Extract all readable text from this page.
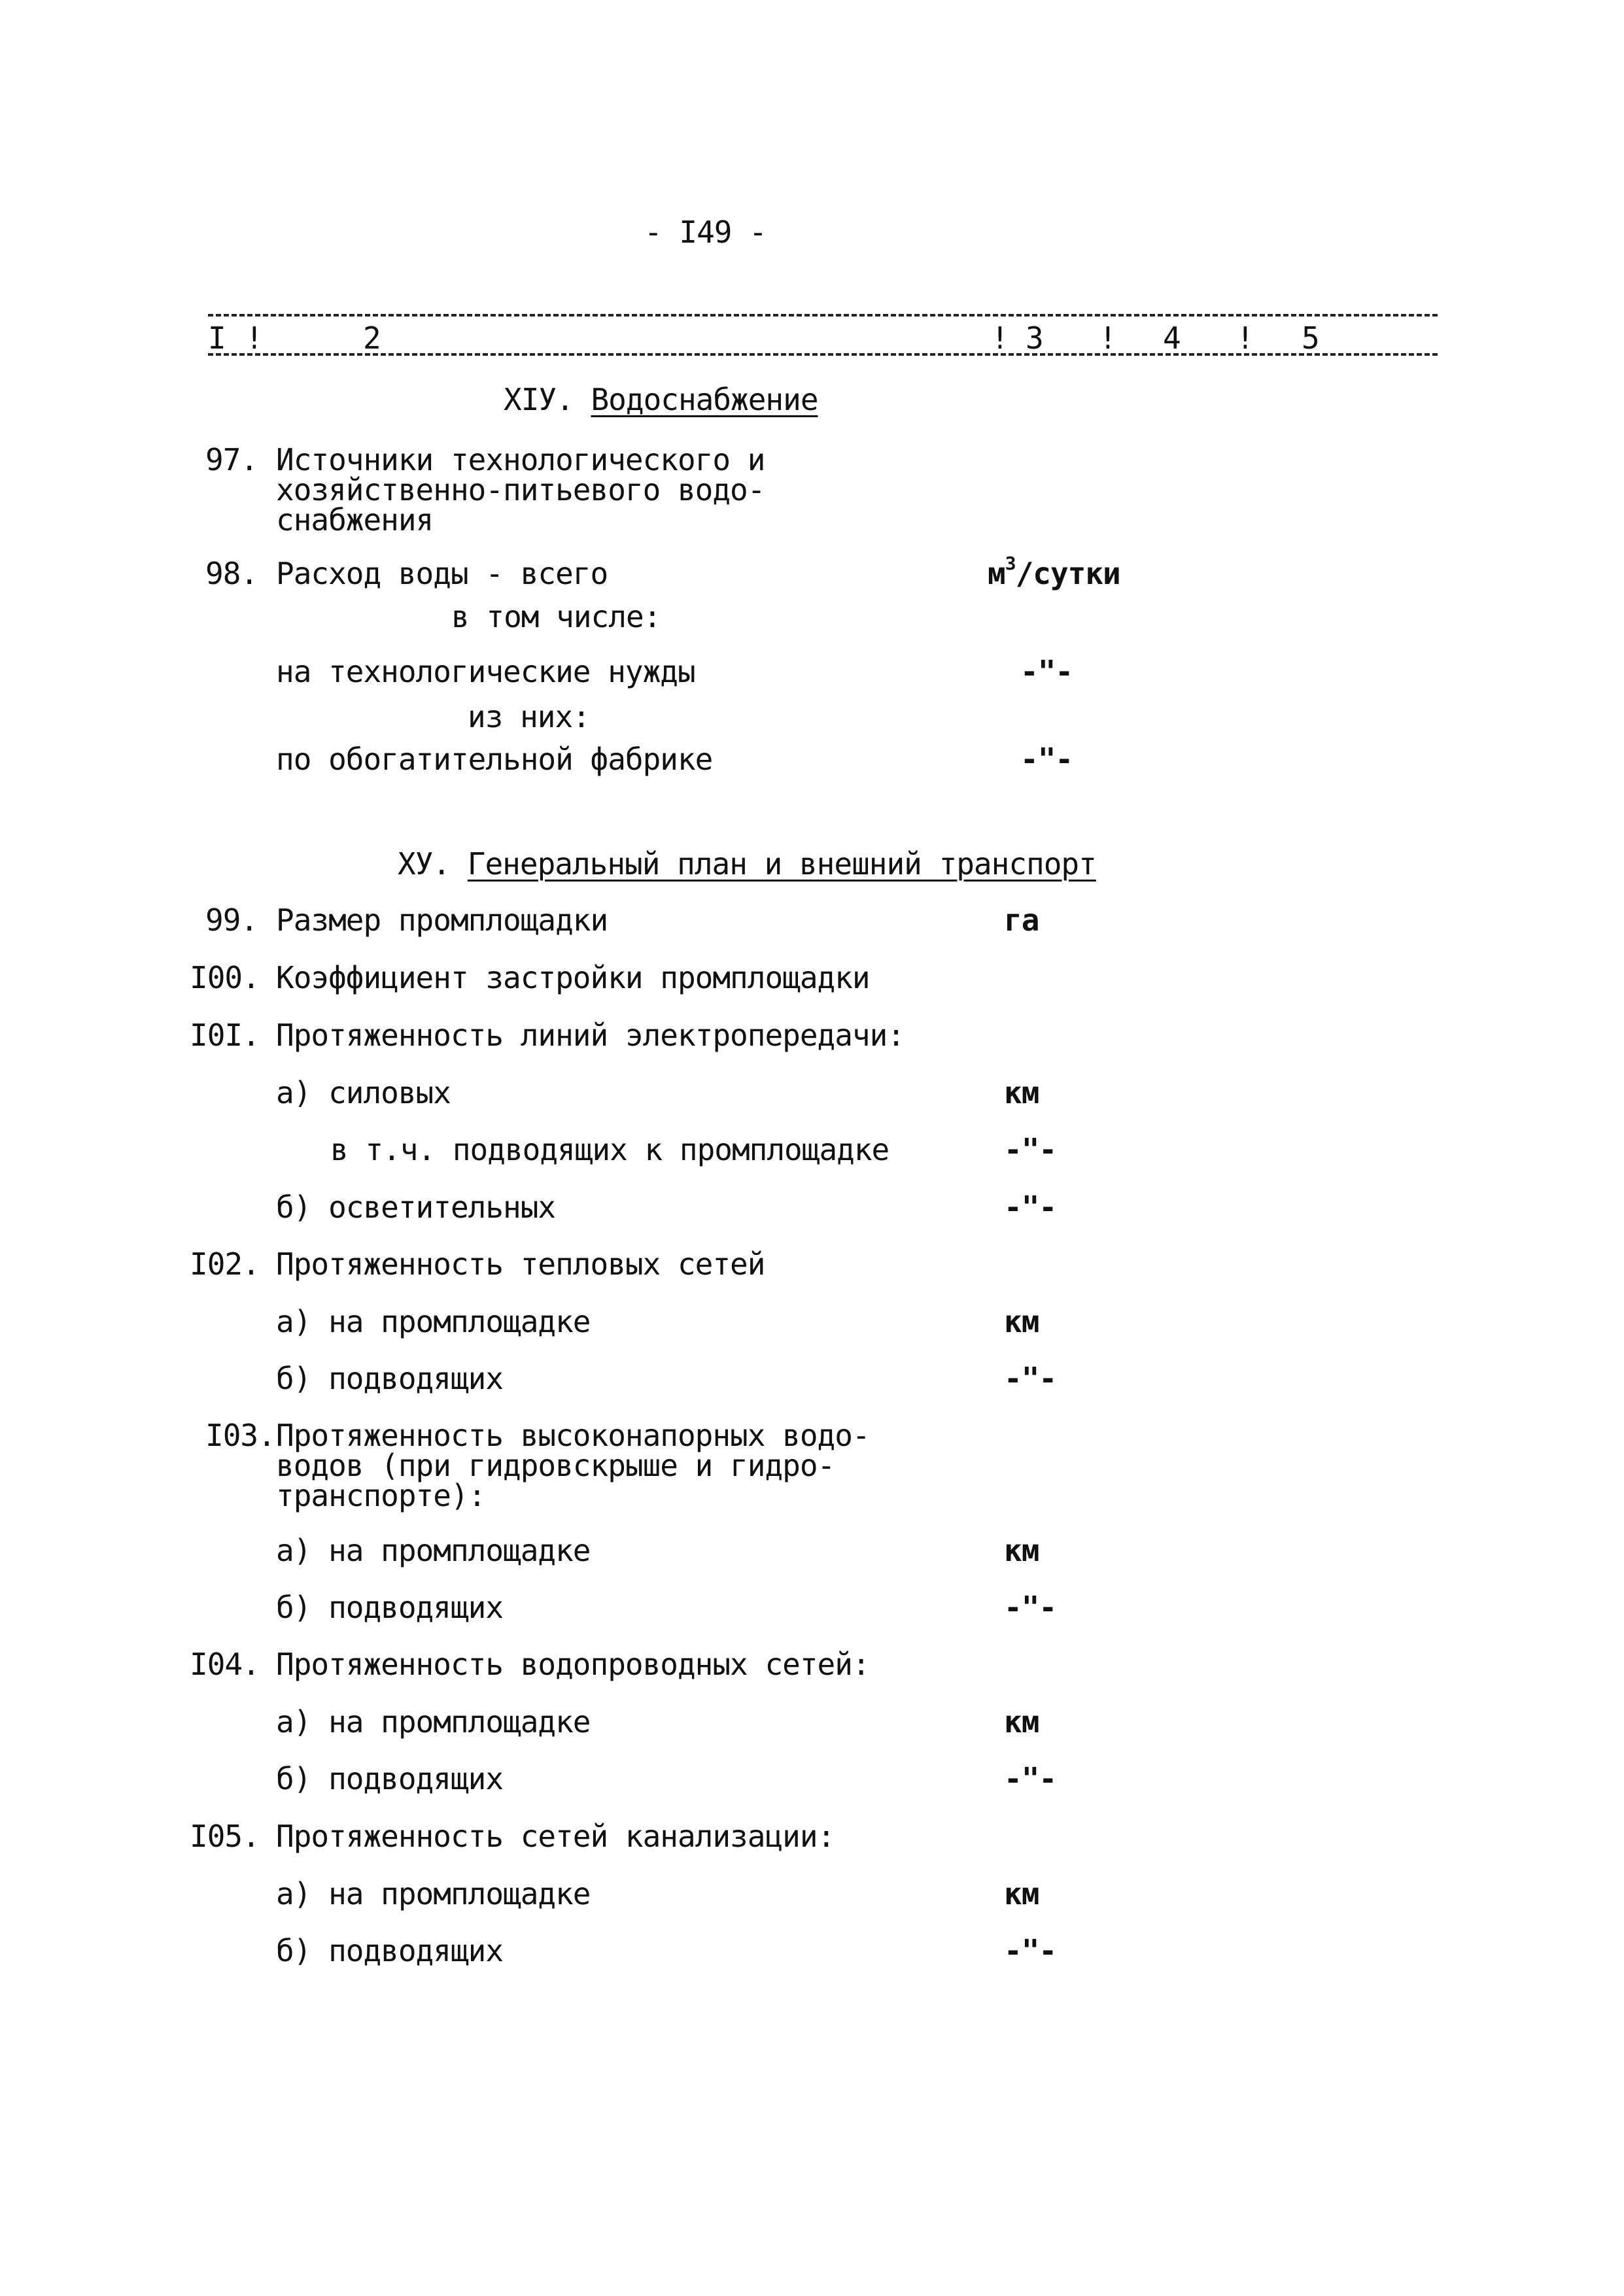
- I49 -
I !	2	! 3 ! 4 ! 5
XIУ. Водоснабжение
97. Источники технологического и
хозяйственно-питьевого водо-
снабжения
98. Расход воды - всего	$м^3$/сутки
в том числе:
на технологические нужды	-"-
из них:
по обогатительной фабрике	-"-
ХУ. Генеральный план и внешний транспорт
99. Размер промплощадки	га
I00. Коэффициент застройки промплощадки
I0I. Протяженность линий электропередачи:
а) силовых	км
в т.ч. подводящих к промплощадке	-"-
б) осветительных	-"-
I02. Протяженность тепловых сетей
а) на промплощадке	км
б) подводящих	-"-
I03. Протяженность высоконапорных водо-
водов (при гидровскрыше и гидро-
транспорте):
а) на промплощадке	км
б) подводящих	-"-
I04. Протяженность водопроводных сетей:
а) на промплощадке	км
б) подводящих	-"-
I05. Протяженность сетей канализации:
а) на промплощадке	км
б) подводящих	-"-
